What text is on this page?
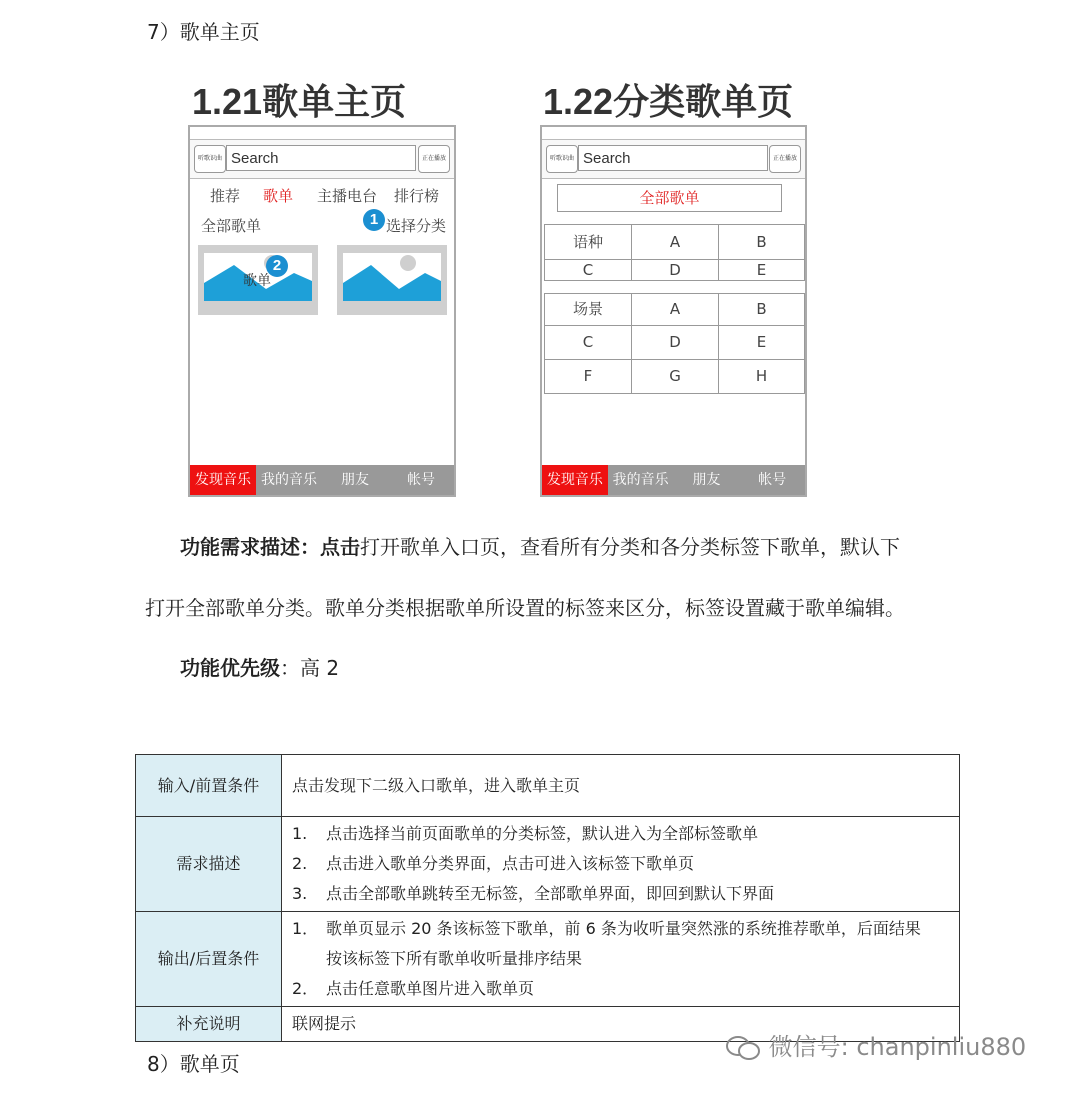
7）歌单主页
1.21歌单主页
听歌识曲 Search	正在播放
推荐 歌单 主播电台 排行榜
全部歌单	1 选择分类
2
歌单
发现音乐 我的音乐	朋友	帐号
1.22分类歌单页
听歌识曲 Search	正在播放
全部歌单
语种	A	B
C	D	E
场景	A	B
C	D	E
F	G	H
发现音乐 我的音乐	朋友	帐号
功能需求描述：点击打开歌单入口页，查看所有分类和各分类标签下歌单，默认下
打开全部歌单分类。歌单分类根据歌单所设置的标签来区分，标签设置藏于歌单编辑。
功能优先级：高 2
输入/前置条件	点击发现下二级入口歌单，进入歌单主页
需求描述	1. 点击选择当前页面歌单的分类标签，默认进入为全部标签歌单
2. 点击进入歌单分类界面，点击可进入该标签下歌单页
3. 点击全部歌单跳转至无标签，全部歌单界面，即回到默认下界面

输出/后置条件	1． 歌单页显示 20 条该标签下歌单，前 6 条为收听量突然涨的系统推荐歌单，后面结果
按该标签下所有歌单收听量排序结果
2． 点击任意歌单图片进入歌单页

补充说明	联网提示
微信号: chanpinliu880
8）歌单页
